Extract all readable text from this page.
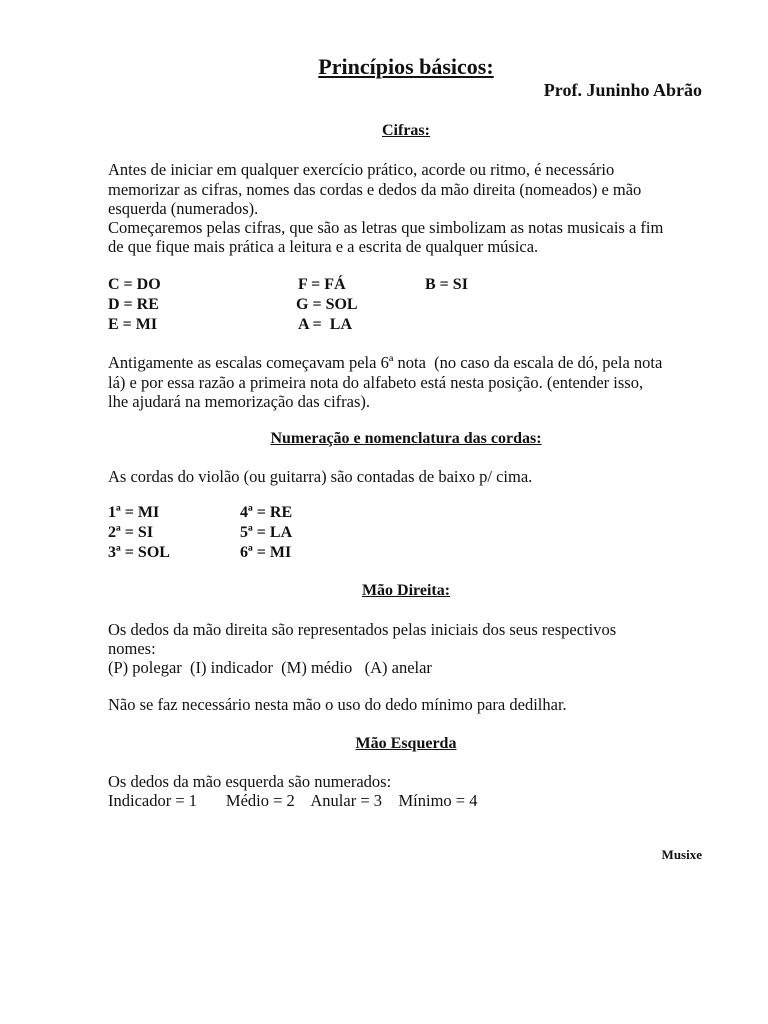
Princípios básicos:
Prof. Juninho Abrão
Cifras:
Antes de iniciar em qualquer exercício prático, acorde ou ritmo, é necessário
memorizar as cifras, nomes das cordas e dedos da mão direita (nomeados) e mão
esquerda (numerados).
Começaremos pelas cifras, que são as letras que simbolizam as notas musicais a fim
de que fique mais prática a leitura e a escrita de qualquer música.
C = DO
D = RE
E = MI
F = FÁ
G = SOL
A =  LA
B = SI
Antigamente as escalas começavam pela 6ª nota  (no caso da escala de dó, pela nota
lá) e por essa razão a primeira nota do alfabeto está nesta posição. (entender isso,
lhe ajudará na memorização das cifras).
Numeração e nomenclatura das cordas:
As cordas do violão (ou guitarra) são contadas de baixo p/ cima.
1ª = MI
2ª = SI
3ª = SOL
4ª = RE
5ª = LA
6ª = MI
Mão Direita:
Os dedos da mão direita são representados pelas iniciais dos seus respectivos
nomes:
(P) polegar  (I) indicador  (M) médio   (A) anelar
Não se faz necessário nesta mão o uso do dedo mínimo para dedilhar.
Mão Esquerda
Os dedos da mão esquerda são numerados:
Indicador = 1       Médio = 2    Anular = 3    Mínimo = 4
Musixe
